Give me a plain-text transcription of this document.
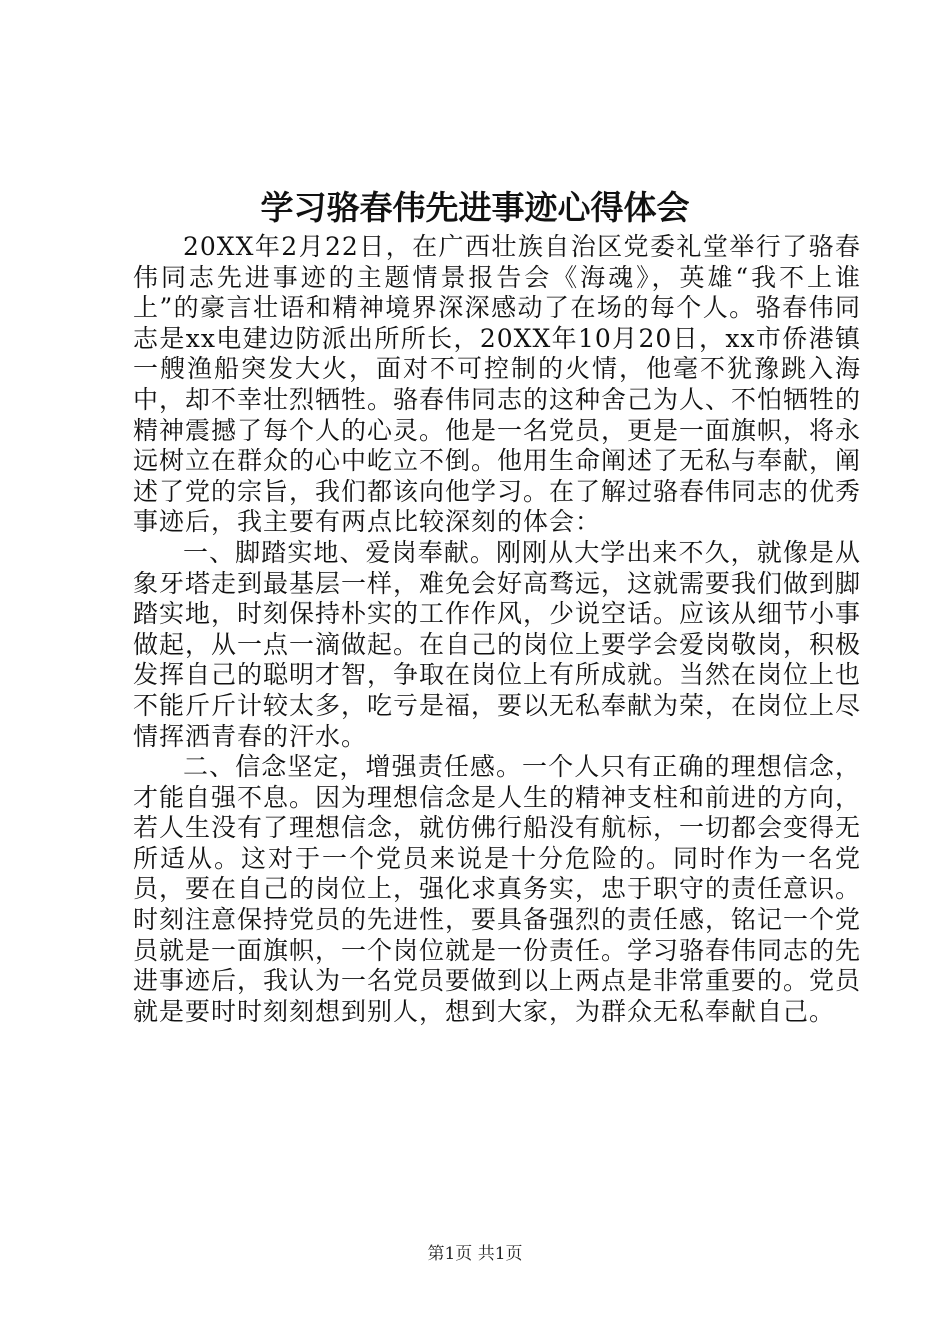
学习骆春伟先进事迹心得体会

20XX年2月22日，在广西壮族自治区党委礼堂举行了骆春伟同志先进事迹的主题情景报告会《海魂》，英雄“我不上谁上”的豪言壮语和精神境界深深感动了在场的每个人。骆春伟同志是xx电建边防派出所所长，20XX年10月20日，xx市侨港镇一艘渔船突发大火，面对不可控制的火情，他毫不犹豫跳入海中，却不幸壮烈牺牲。骆春伟同志的这种舍己为人、不怕牺牲的精神震撼了每个人的心灵。他是一名党员，更是一面旗帜，将永远树立在群众的心中屹立不倒。他用生命阐述了无私与奉献，阐述了党的宗旨，我们都该向他学习。在了解过骆春伟同志的优秀事迹后，我主要有两点比较深刻的体会：

一、脚踏实地、爱岗奉献。刚刚从大学出来不久，就像是从象牙塔走到最基层一样，难免会好高骛远，这就需要我们做到脚踏实地，时刻保持朴实的工作作风，少说空话。应该从细节小事做起，从一点一滴做起。在自己的岗位上要学会爱岗敬岗，积极发挥自己的聪明才智，争取在岗位上有所成就。当然在岗位上也不能斤斤计较太多，吃亏是福，要以无私奉献为荣，在岗位上尽情挥洒青春的汗水。

二、信念坚定，增强责任感。一个人只有正确的理想信念，才能自强不息。因为理想信念是人生的精神支柱和前进的方向，若人生没有了理想信念，就仿佛行船没有航标，一切都会变得无所适从。这对于一个党员来说是十分危险的。同时作为一名党员，要在自己的岗位上，强化求真务实，忠于职守的责任意识。时刻注意保持党员的先进性，要具备强烈的责任感，铭记一个党员就是一面旗帜，一个岗位就是一份责任。学习骆春伟同志的先进事迹后，我认为一名党员要做到以上两点是非常重要的。党员就是要时时刻刻想到别人，想到大家，为群众无私奉献自己。

第1页 共1页
